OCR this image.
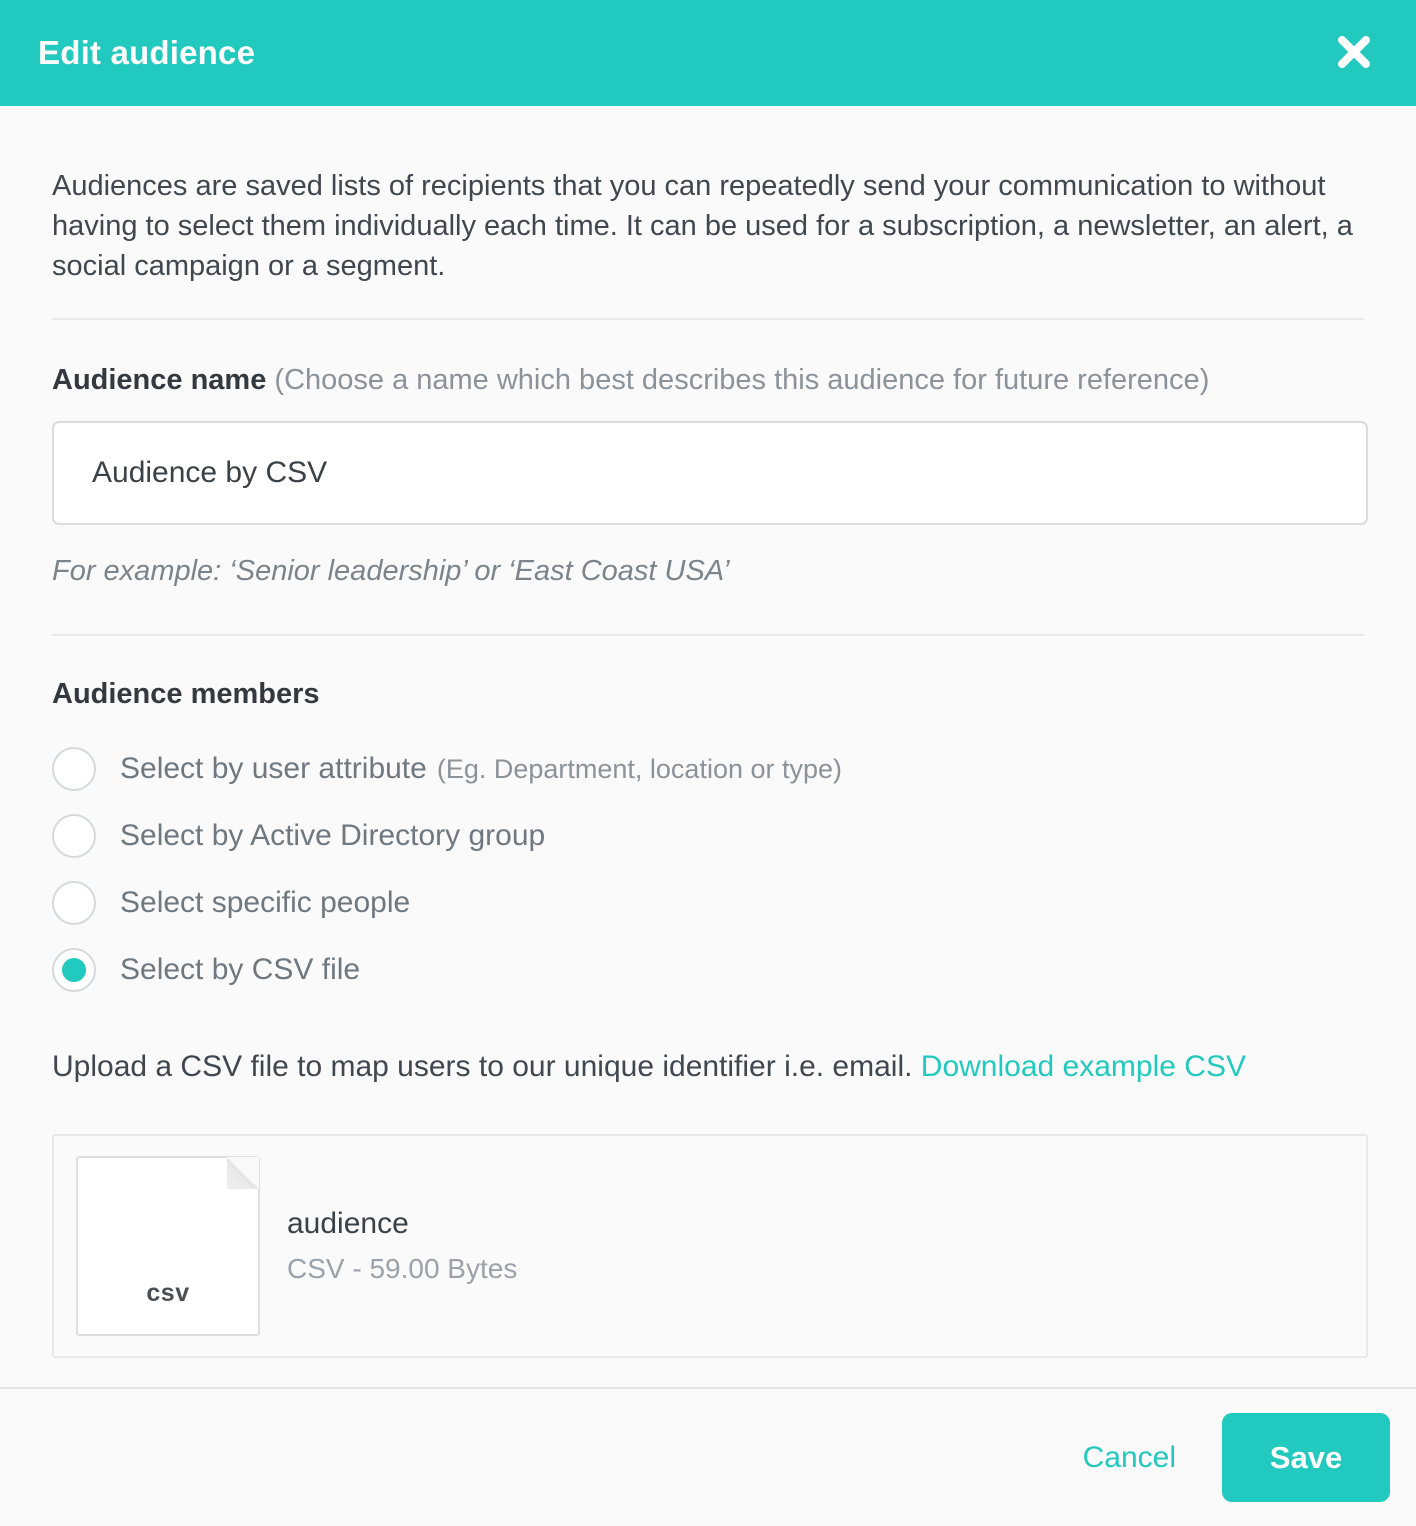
Edit audience

Audiences are saved lists of recipients that you can repeatedly send your communication to without having to select them individually each time. It can be used for a subscription, a newsletter, an alert, a social campaign or a segment.

Audience name (Choose a name which best describes this audience for future reference)
Audience by CSV
For example: ‘Senior leadership’ or ‘East Coast USA’
Audience members
Select by user attribute (Eg. Department, location or type)
Select by Active Directory group
Select specific people
Select by CSV file
Upload a CSV file to map users to our unique identifier i.e. email. Download example CSV
csv
audience
CSV - 59.00 Bytes
Cancel	Save
